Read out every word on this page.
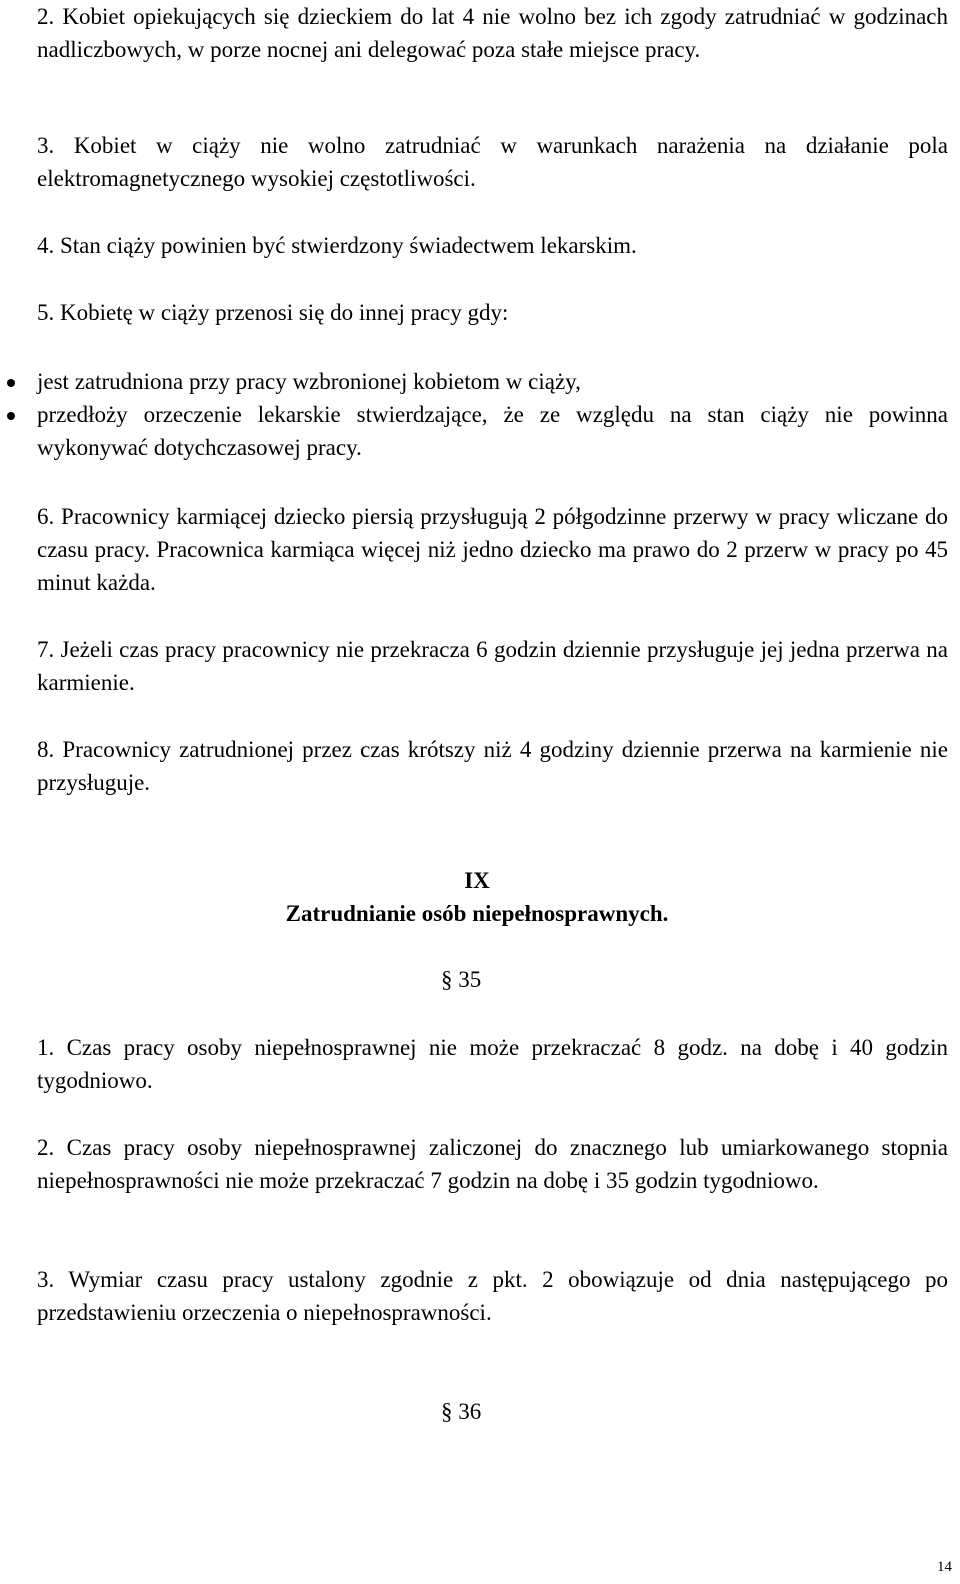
2. Kobiet opiekujących się dzieckiem do lat 4 nie wolno bez ich zgody zatrudniać w godzinach nadliczbowych, w porze nocnej ani delegować poza stałe miejsce pracy.
3. Kobiet w ciąży nie wolno zatrudniać w warunkach narażenia na działanie pola elektromagnetycznego wysokiej częstotliwości.
4. Stan ciąży powinien być stwierdzony świadectwem lekarskim.
5. Kobietę w ciąży przenosi się do innej pracy gdy:
jest zatrudniona przy pracy wzbronionej kobietom w ciąży,
przedłoży orzeczenie lekarskie stwierdzające, że ze względu na stan ciąży nie powinna wykonywać dotychczasowej pracy.
6. Pracownicy karmiącej dziecko piersią przysługują 2 półgodzinne przerwy w pracy wliczane do czasu pracy. Pracownica karmiąca więcej niż jedno dziecko ma prawo do 2 przerw w pracy po 45 minut każda.
7. Jeżeli czas pracy pracownicy nie przekracza 6 godzin dziennie przysługuje jej jedna przerwa na karmienie.
8. Pracownicy zatrudnionej przez czas krótszy niż 4 godziny dziennie przerwa na karmienie nie przysługuje.
IX
Zatrudnianie osób niepełnosprawnych.
§ 35
1. Czas pracy osoby niepełnosprawnej nie może przekraczać 8 godz. na dobę i 40 godzin tygodniowo.
2. Czas pracy osoby niepełnosprawnej zaliczonej do znacznego lub umiarkowanego stopnia niepełnosprawności nie może przekraczać 7 godzin na dobę i 35 godzin tygodniowo.
3. Wymiar czasu pracy ustalony zgodnie z pkt. 2 obowiązuje od dnia następującego po przedstawieniu orzeczenia o niepełnosprawności.
§ 36
14
